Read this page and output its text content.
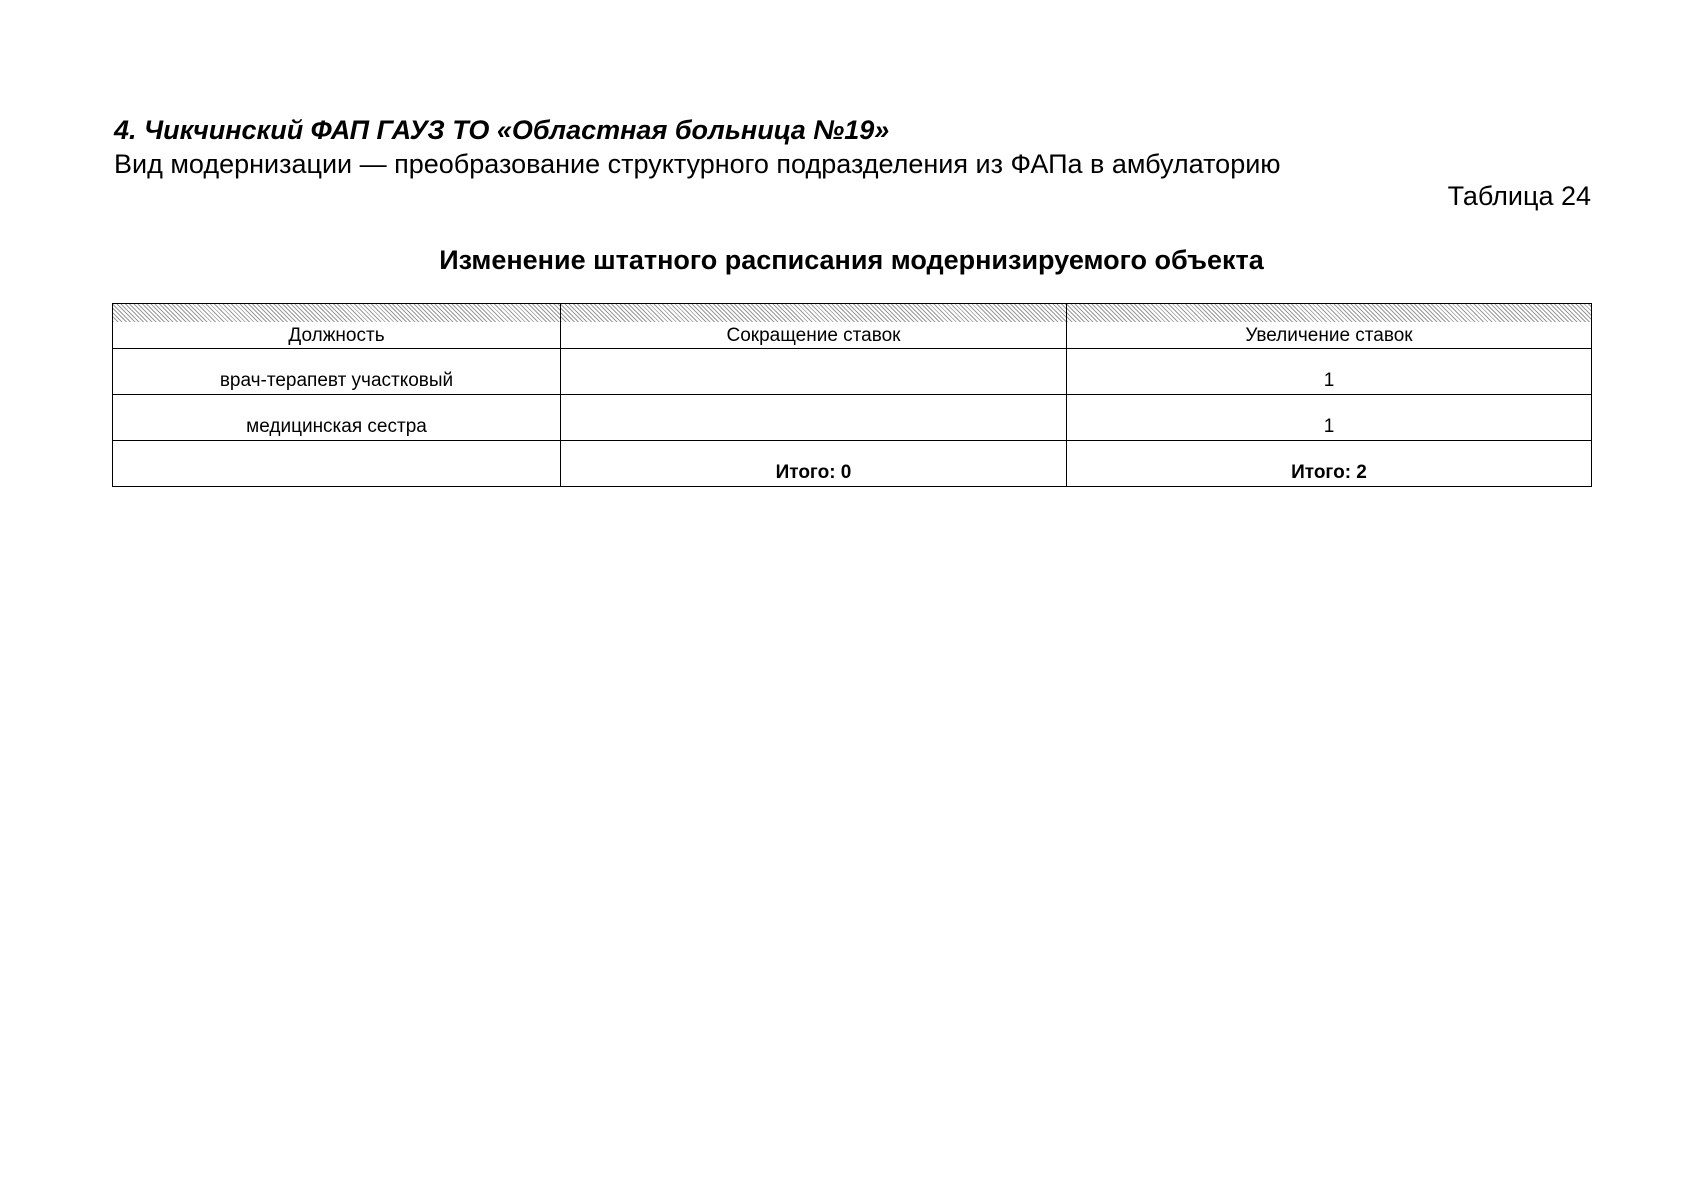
4. Чикчинский ФАП ГАУЗ ТО «Областная больница №19»
Вид модернизации — преобразование структурного подразделения из ФАПа в амбулаторию
Таблица 24
Изменение штатного расписания модернизируемого объекта
Должность	Сокращение ставок	Увеличение ставок
врач-терапевт участковый		1
медицинская сестра		1
	Итого: 0	Итого: 2
